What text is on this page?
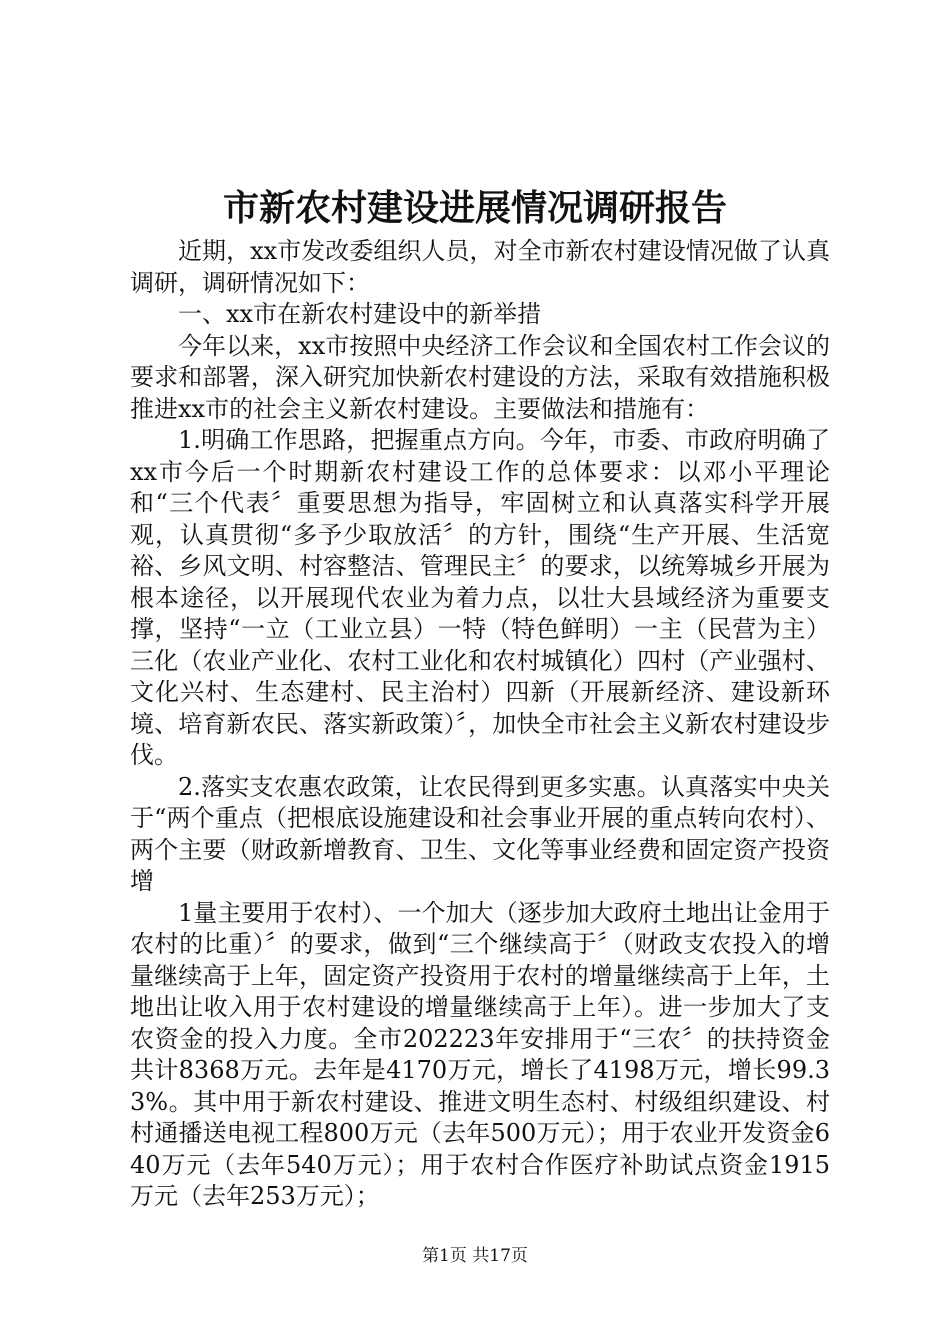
市新农村建设进展情况调研报告

近期，xx市发改委组织人员，对全市新农村建设情况做了认真调研，调研情况如下：

一、xx市在新农村建设中的新举措

今年以来，xx市按照中央经济工作会议和全国农村工作会议的要求和部署，深入研究加快新农村建设的方法，采取有效措施积极推进xx市的社会主义新农村建设。主要做法和措施有：

1.明确工作思路，把握重点方向。今年，市委、市政府明确了xx市今后一个时期新农村建设工作的总体要求：以邓小平理论和“三个代表〞重要思想为指导，牢固树立和认真落实科学开展观，认真贯彻“多予少取放活〞的方针，围绕“生产开展、生活宽裕、乡风文明、村容整洁、管理民主〞的要求，以统筹城乡开展为根本途径，以开展现代农业为着力点，以壮大县域经济为重要支撑，坚持“一立（工业立县）一特（特色鲜明）一主（民营为主）三化（农业产业化、农村工业化和农村城镇化）四村（产业强村、文化兴村、生态建村、民主治村）四新（开展新经济、建设新环境、培育新农民、落实新政策）〞，加快全市社会主义新农村建设步伐。

2.落实支农惠农政策，让农民得到更多实惠。认真落实中央关于“两个重点（把根底设施建设和社会事业开展的重点转向农村）、两个主要（财政新增教育、卫生、文化等事业经费和固定资产投资增

1量主要用于农村）、一个加大（逐步加大政府土地出让金用于农村的比重）〞的要求，做到“三个继续高于〞（财政支农投入的增量继续高于上年，固定资产投资用于农村的增量继续高于上年，土地出让收入用于农村建设的增量继续高于上年）。进一步加大了支农资金的投入力度。全市202223年安排用于“三农〞的扶持资金共计8368万元。去年是4170万元，增长了4198万元，增长99.33%。其中用于新农村建设、推进文明生态村、村级组织建设、村村通播送电视工程800万元（去年500万元）；用于农业开发资金640万元（去年540万元）；用于农村合作医疗补助试点资金1915万元（去年253万元）；

第1页 共17页
